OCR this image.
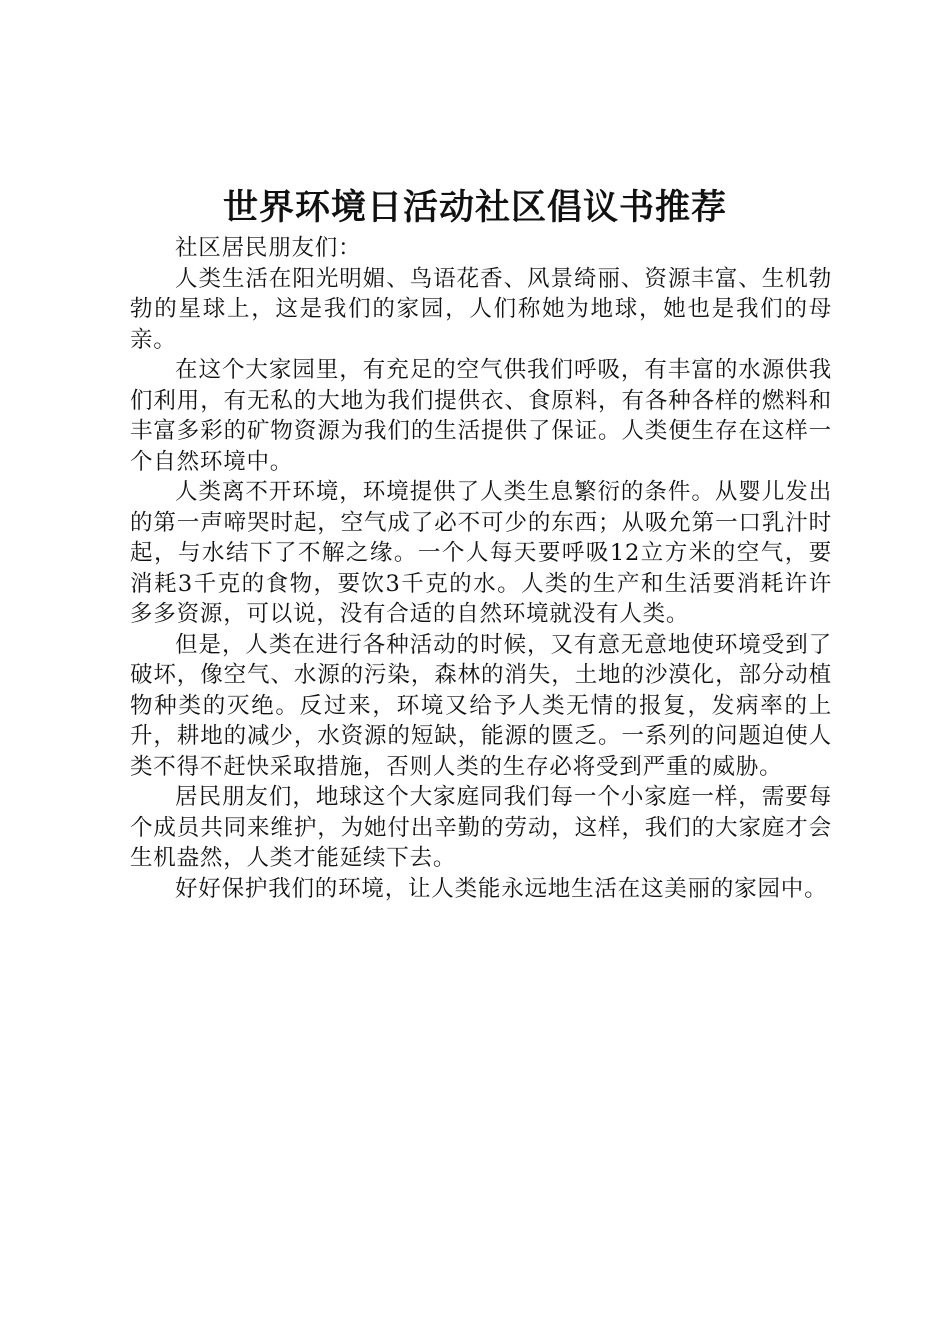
世界环境日活动社区倡议书推荐

社区居民朋友们：

人类生活在阳光明媚、鸟语花香、风景绮丽、资源丰富、生机勃勃的星球上，这是我们的家园，人们称她为地球，她也是我们的母亲。

在这个大家园里，有充足的空气供我们呼吸，有丰富的水源供我们利用，有无私的大地为我们提供衣、食原料，有各种各样的燃料和丰富多彩的矿物资源为我们的生活提供了保证。人类便生存在这样一个自然环境中。

人类离不开环境，环境提供了人类生息繁衍的条件。从婴儿发出的第一声啼哭时起，空气成了必不可少的东西；从吸允第一口乳汁时起，与水结下了不解之缘。一个人每天要呼吸12立方米的空气，要消耗3千克的食物，要饮3千克的水。人类的生产和生活要消耗许许多多资源，可以说，没有合适的自然环境就没有人类。

但是，人类在进行各种活动的时候，又有意无意地使环境受到了破坏，像空气、水源的污染，森林的消失，土地的沙漠化，部分动植物种类的灭绝。反过来，环境又给予人类无情的报复，发病率的上升，耕地的减少，水资源的短缺，能源的匮乏。一系列的问题迫使人类不得不赶快采取措施，否则人类的生存必将受到严重的威胁。

居民朋友们，地球这个大家庭同我们每一个小家庭一样，需要每个成员共同来维护，为她付出辛勤的劳动，这样，我们的大家庭才会生机盎然，人类才能延续下去。

好好保护我们的环境，让人类能永远地生活在这美丽的家园中。
